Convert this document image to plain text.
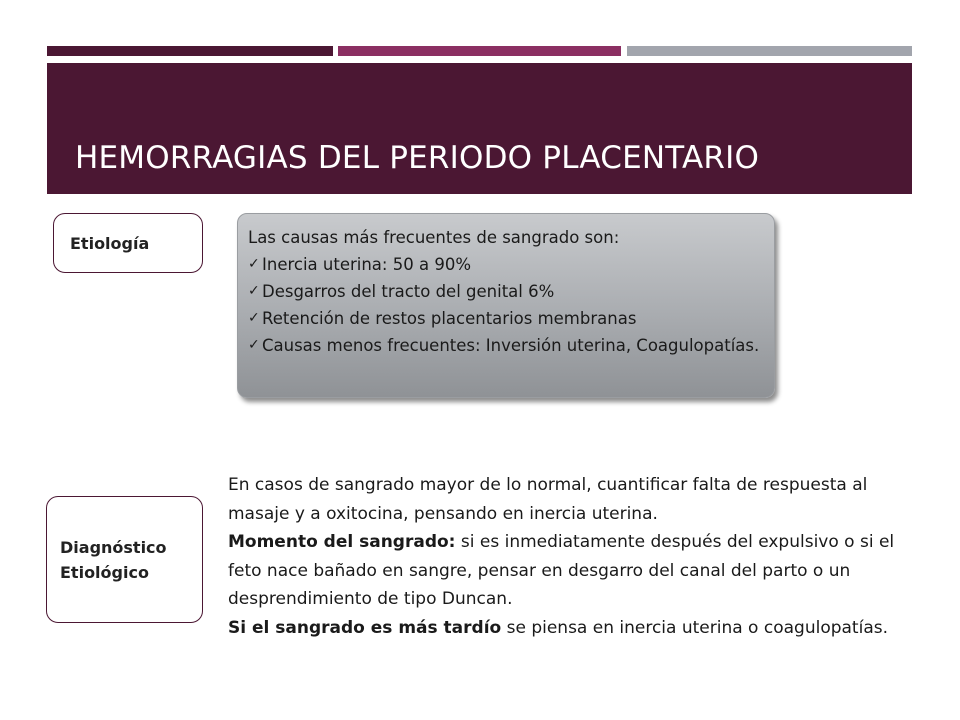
HEMORRAGIAS DEL PERIODO PLACENTARIO
Etiología	Las causas más frecuentes de sangrado son:
✓ Inercia uterina: 50 a 90%
✓ Desgarros del tracto del genital 6%
✓ Retención de restos placentarios membranas
✓ Causas menos frecuentes: Inversión uterina, Coagulopatías.
Diagnóstico
Etiológico

En casos de sangrado mayor de lo normal, cuantificar falta de respuesta al masaje y a oxitocina, pensando en inercia uterina.

Momento del sangrado: si es inmediatamente después del expulsivo o si el feto nace bañado en sangre, pensar en desgarro del canal del parto o un desprendimiento de tipo Duncan.

Si el sangrado es más tardío se piensa en inercia uterina o coagulopatías.
